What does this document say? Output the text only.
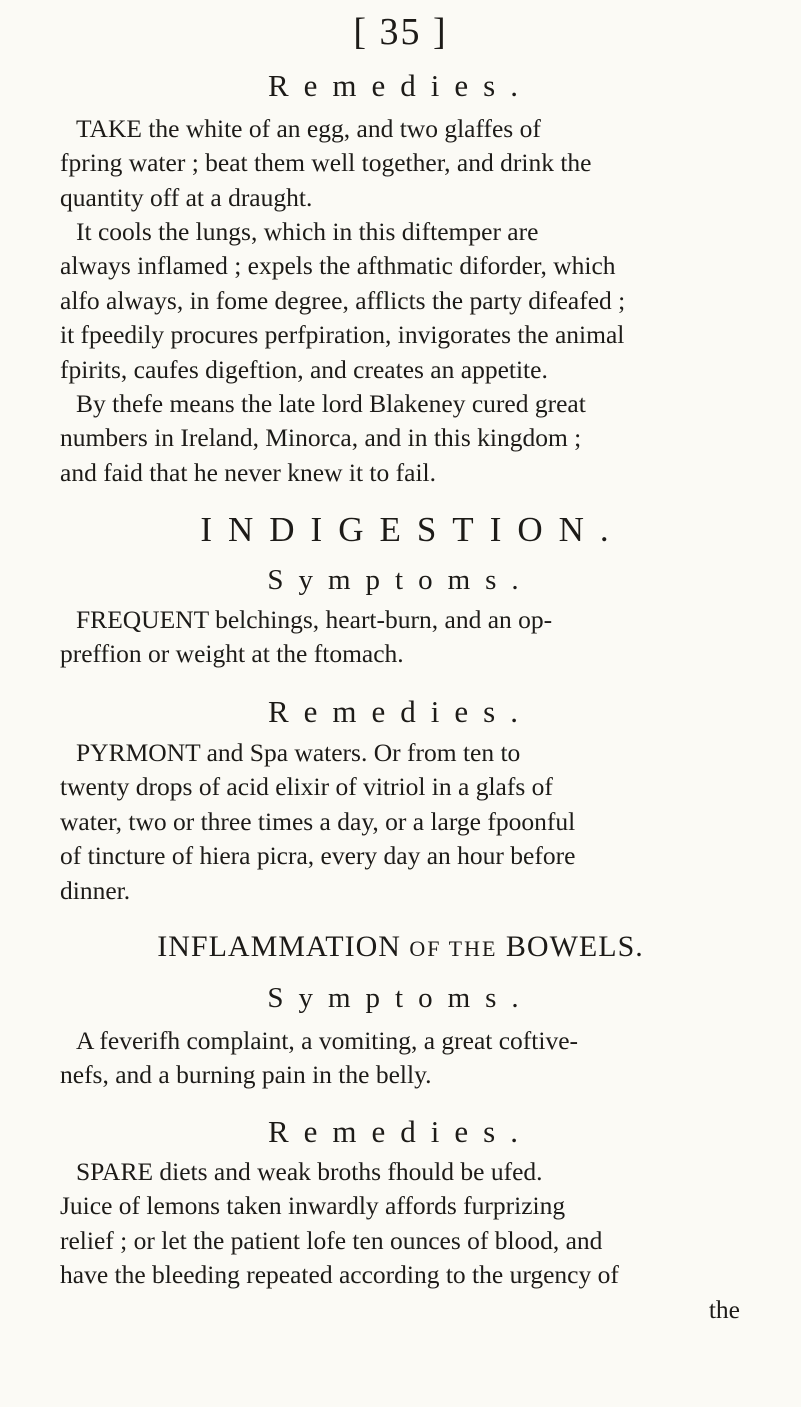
[ 35 ]
Remedies.
TAKE the white of an egg, and two glaffes of
fpring water ; beat them well together, and drink the
quantity off at a draught.
It cools the lungs, which in this diftemper are
always inflamed ; expels the afthmatic diforder, which
alfo always, in fome degree, afflicts the party difeafed ;
it fpeedily procures perfpiration, invigorates the animal
fpirits, caufes digeftion, and creates an appetite.
By thefe means the late lord Blakeney cured great
numbers in Ireland, Minorca, and in this kingdom ;
and faid that he never knew it to fail.
INDIGESTION.
Symptoms.
FREQUENT belchings, heart-burn, and an op-
preffion or weight at the ftomach.
Remedies.
PYRMONT and Spa waters. Or from ten to
twenty drops of acid elixir of vitriol in a glafs of
water, two or three times a day, or a large fpoonful
of tincture of hiera picra, every day an hour before
dinner.
INFLAMMATION OF THE BOWELS.
Symptoms.
A feverifh complaint, a vomiting, a great coftive-
nefs, and a burning pain in the belly.
Remedies.
SPARE diets and weak broths fhould be ufed.
Juice of lemons taken inwardly affords furprizing
relief ; or let the patient lofe ten ounces of blood, and
have the bleeding repeated according to the urgency of
the
